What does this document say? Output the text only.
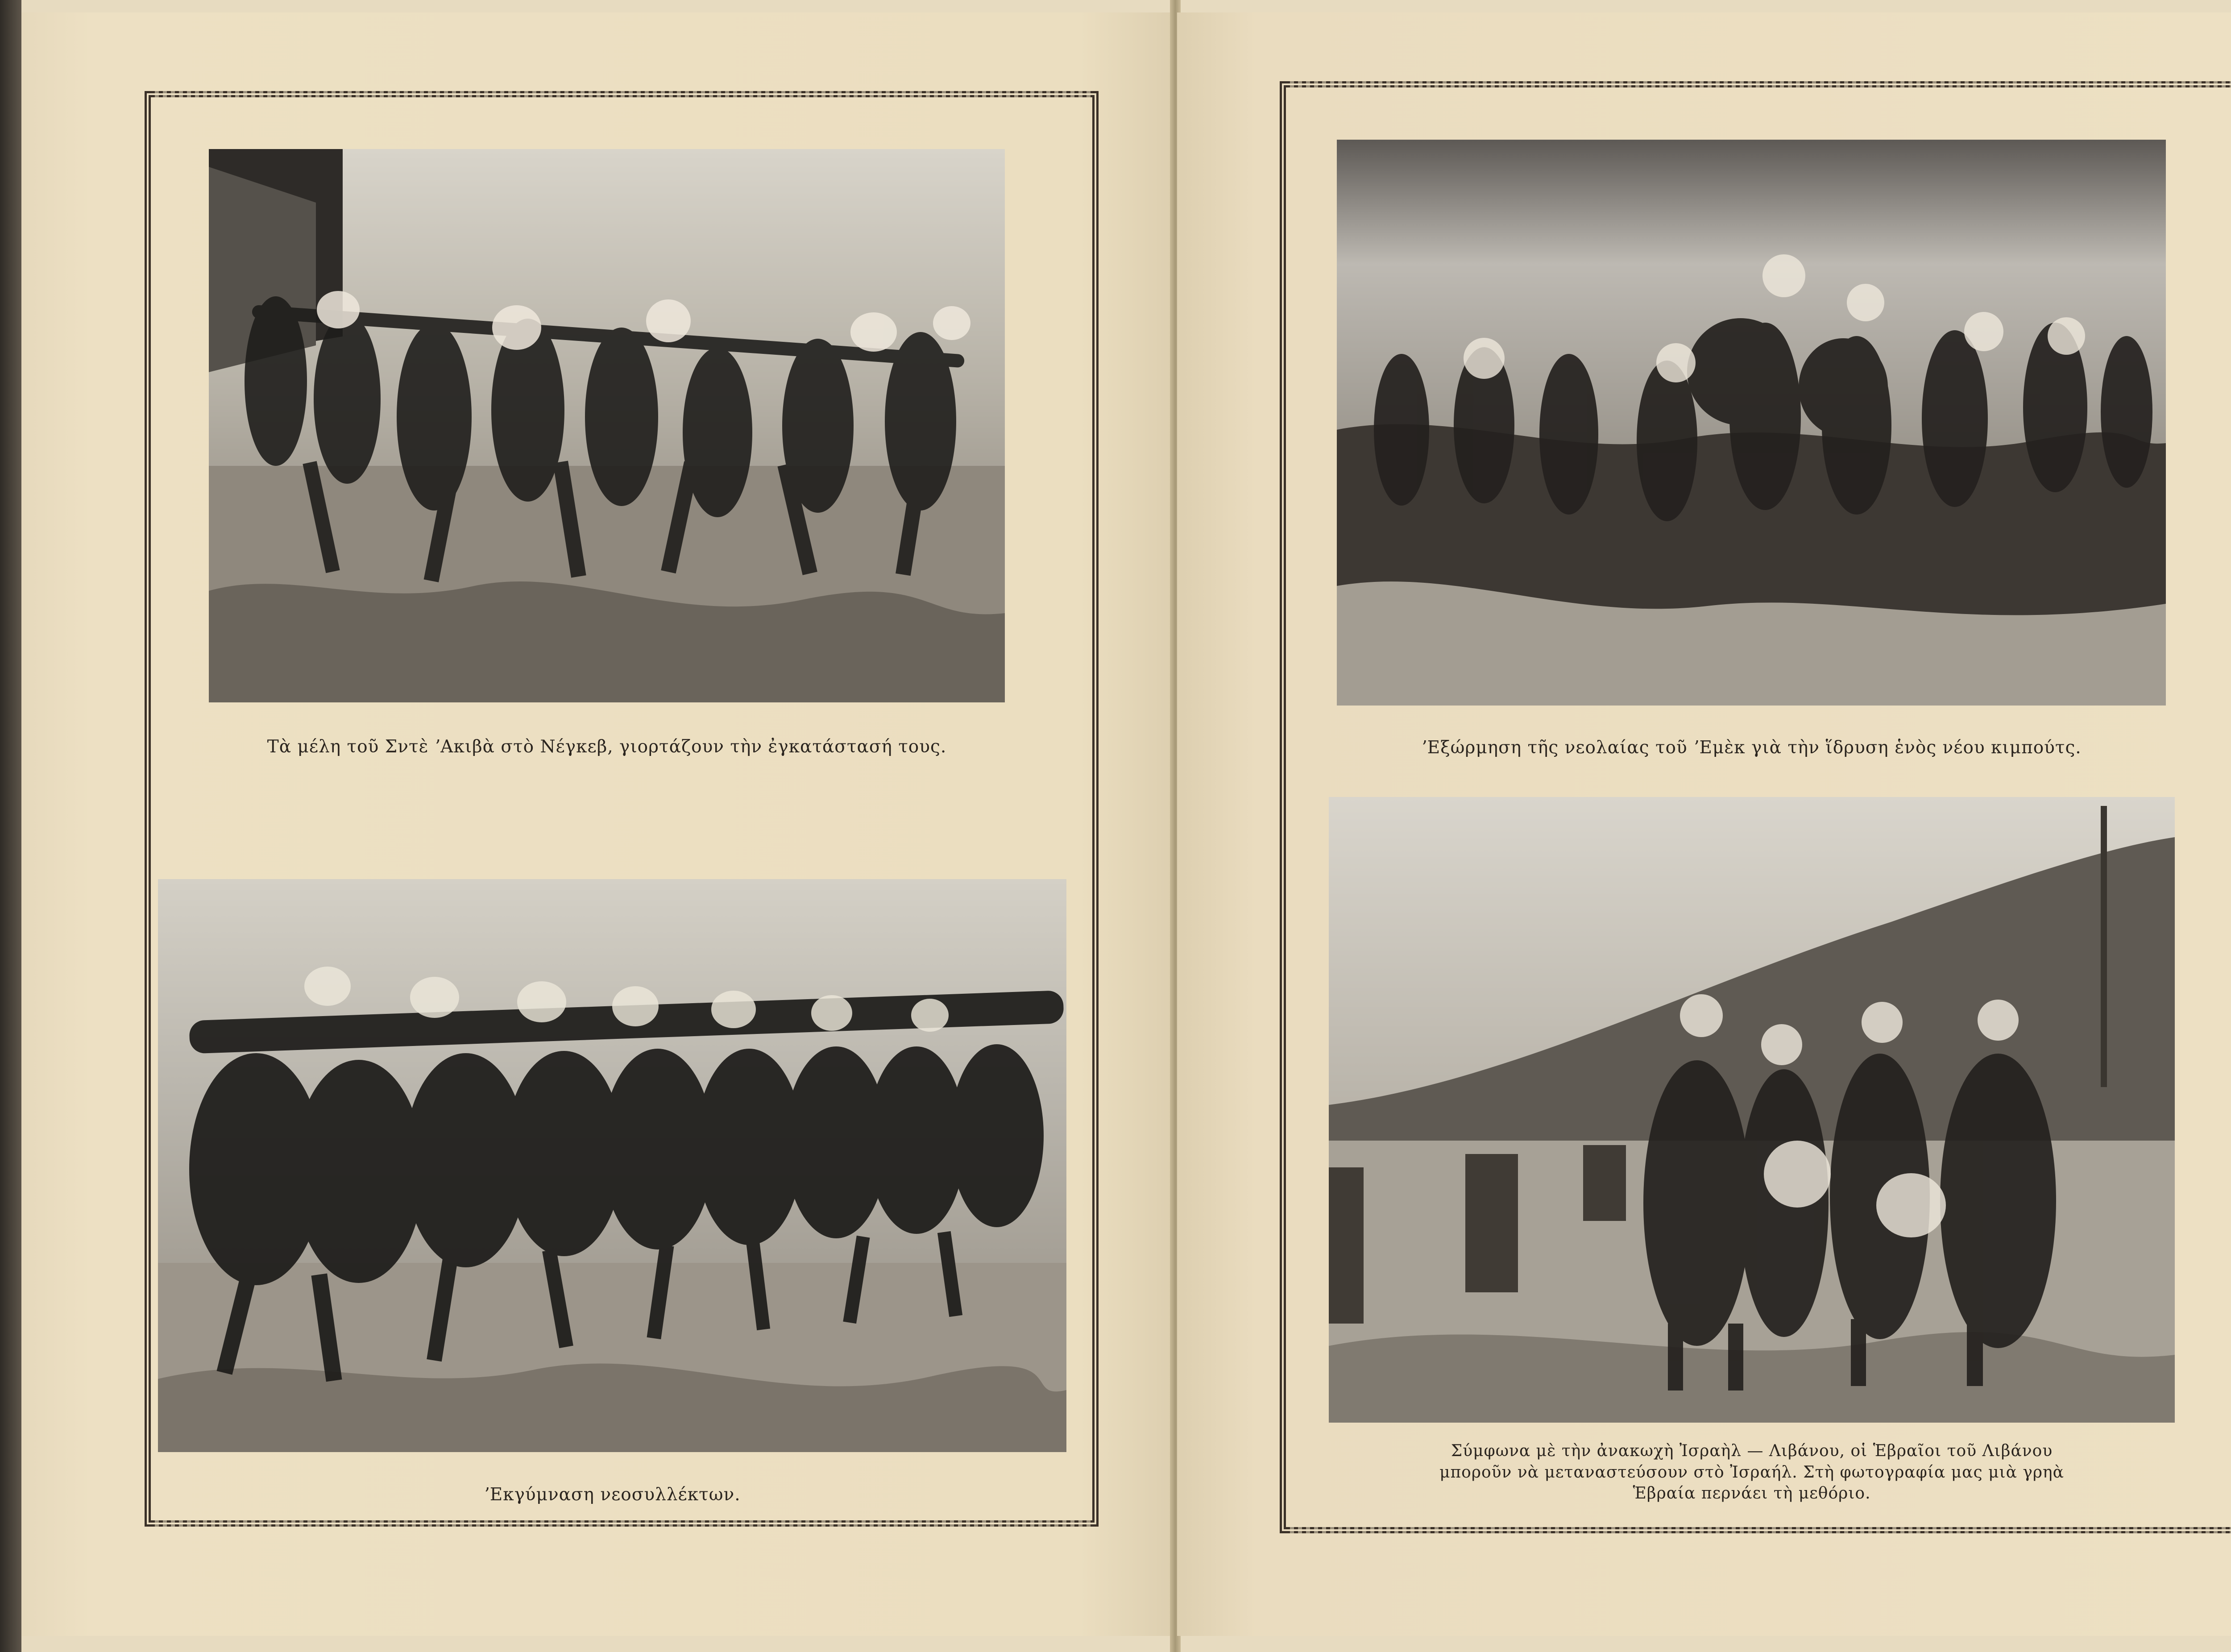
Τὰ μέλη τοῦ Σντὲ ʼΑκιβὰ στὸ Νέγκεβ, γιορτάζουν τὴν ἐγκατάστασή τους.
ʼΕκγύμναση νεοσυλλέκτων.
ʼΕξώρμηση τῆς νεολαίας τοῦ ʼΕμὲκ γιὰ τὴν ἵδρυση ἑνὸς νέου κιμπούτς.
Σύμφωνα μὲ τὴν ἀνακωχὴ Ἰσραὴλ — Λιβάνου, οἱ Ἑβραῖοι τοῦ Λιβάνου
μποροῦν νὰ μεταναστεύσουν στὸ Ἰσραήλ. Στὴ φωτογραφία μας μιὰ γρηὰ
Ἑβραία περνάει τὴ μεθόριο.
